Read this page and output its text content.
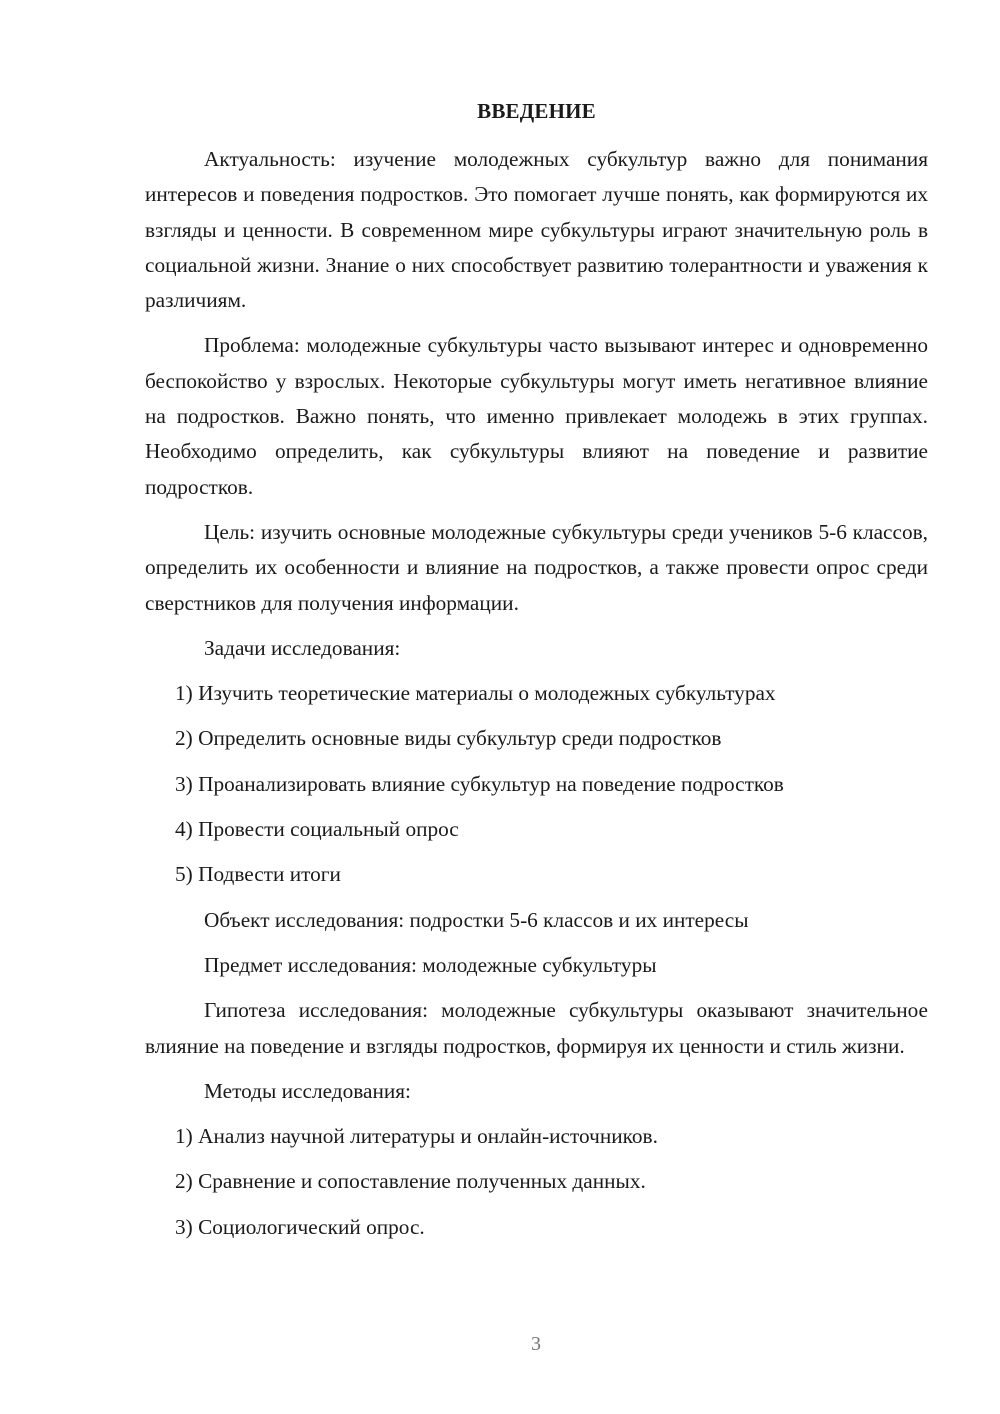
ВВЕДЕНИЕ

Актуальность: изучение молодежных субкультур важно для понимания интересов и поведения подростков. Это помогает лучше понять, как формируются их взгляды и ценности. В современном мире субкультуры играют значительную роль в социальной жизни. Знание о них способствует развитию толерантности и уважения к различиям.

Проблема: молодежные субкультуры часто вызывают интерес и одновременно беспокойство у взрослых. Некоторые субкультуры могут иметь негативное влияние на подростков. Важно понять, что именно привлекает молодежь в этих группах. Необходимо определить, как субкультуры влияют на поведение и развитие подростков.

Цель: изучить основные молодежные субкультуры среди учеников 5-6 классов, определить их особенности и влияние на подростков, а также провести опрос среди сверстников для получения информации.

Задачи исследования:
1) Изучить теоретические материалы о молодежных субкультурах
2) Определить основные виды субкультур среди подростков
3) Проанализировать влияние субкультур на поведение подростков
4) Провести социальный опрос
5) Подвести итоги
Объект исследования: подростки 5-6 классов и их интересы
Предмет исследования: молодежные субкультуры

Гипотеза исследования: молодежные субкультуры оказывают значительное влияние на поведение и взгляды подростков, формируя их ценности и стиль жизни.

Методы исследования:
1) Анализ научной литературы и онлайн-источников.
2) Сравнение и сопоставление полученных данных.
3) Социологический опрос.
3
